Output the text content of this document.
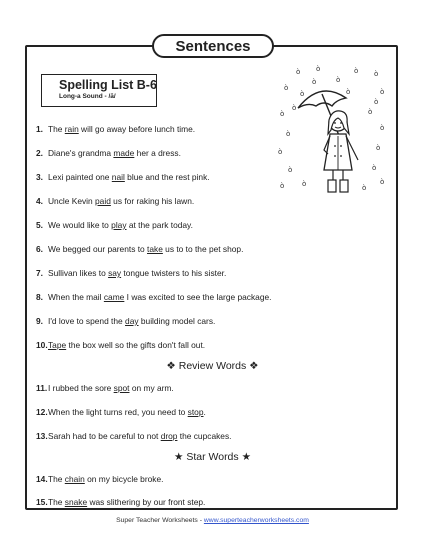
Sentences
Spelling List B-6
Long-a Sound - /ā/
ò ò	ò ò
ò
ò
ò
ò
ò	ò
ò
ò
ò	ò
ò	ò
ò	ò
ò	ò
ò
ò
ò
ò
1. The rain will go away before lunch time.
2. Diane's grandma made her a dress.
3. Lexi painted one nail blue and the rest pink.
4. Uncle Kevin paid us for raking his lawn.
5. We would like to play at the park today.
6. We begged our parents to take us to to the pet shop.
7. Sullivan likes to say tongue twisters to his sister.
8. When the mail came I was excited to see the large package.
9. I'd love to spend the day building model cars.
10.Tape the box well so the gifts don't fall out.
❖ Review Words ❖
11.I rubbed the sore spot on my arm.
12.When the light turns red, you need to stop.
13.Sarah had to be careful to not drop the cupcakes.
★ Star Words ★
14.The chain on my bicycle broke.
15.The snake was slithering by our front step.
Super Teacher Worksheets - www.superteacherworksheets.com
